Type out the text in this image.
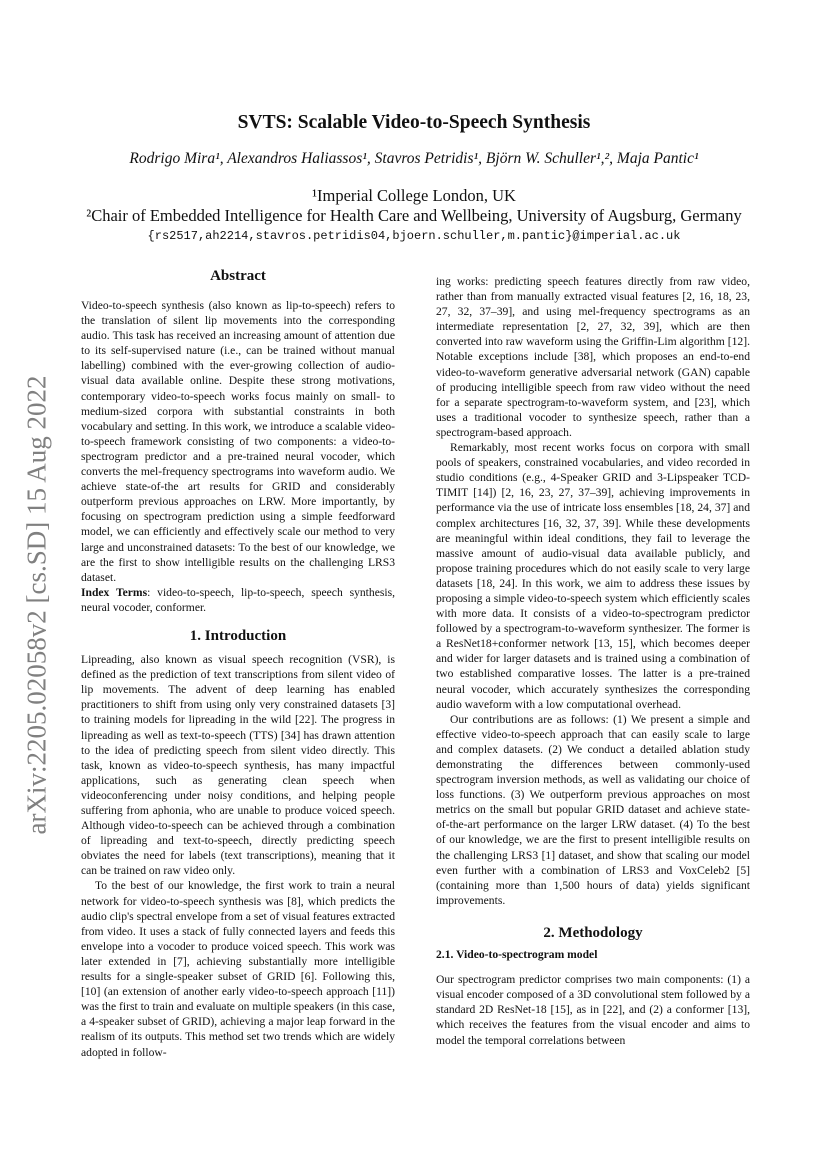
arXiv:2205.02058v2 [cs.SD] 15 Aug 2022
SVTS: Scalable Video-to-Speech Synthesis
Rodrigo Mira¹, Alexandros Haliassos¹, Stavros Petridis¹, Björn W. Schuller¹,², Maja Pantic¹
¹Imperial College London, UK
²Chair of Embedded Intelligence for Health Care and Wellbeing, University of Augsburg, Germany
{rs2517,ah2214,stavros.petridis04,bjoern.schuller,m.pantic}@imperial.ac.uk
Abstract

Video-to-speech synthesis (also known as lip-to-speech) refers to the translation of silent lip movements into the corresponding audio. This task has received an increasing amount of attention due to its self-supervised nature (i.e., can be trained without manual labelling) combined with the ever-growing collection of audio-visual data available online. Despite these strong motivations, contemporary video-to-speech works focus mainly on small- to medium-sized corpora with substantial constraints in both vocabulary and setting. In this work, we introduce a scalable video-to-speech framework consisting of two components: a video-to-spectrogram predictor and a pre-trained neural vocoder, which converts the mel-frequency spectrograms into waveform audio. We achieve state-of-the art results for GRID and considerably outperform previous approaches on LRW. More importantly, by focusing on spectrogram prediction using a simple feedforward model, we can efficiently and effectively scale our method to very large and unconstrained datasets: To the best of our knowledge, we are the first to show intelligible results on the challenging LRS3 dataset.

Index Terms: video-to-speech, lip-to-speech, speech synthesis, neural vocoder, conformer.

1. Introduction

Lipreading, also known as visual speech recognition (VSR), is defined as the prediction of text transcriptions from silent video of lip movements. The advent of deep learning has enabled practitioners to shift from using only very constrained datasets [3] to training models for lipreading in the wild [22]. The progress in lipreading as well as text-to-speech (TTS) [34] has drawn attention to the idea of predicting speech from silent video directly. This task, known as video-to-speech synthesis, has many impactful applications, such as generating clean speech when videoconferencing under noisy conditions, and helping people suffering from aphonia, who are unable to produce voiced speech. Although video-to-speech can be achieved through a combination of lipreading and text-to-speech, directly predicting speech obviates the need for labels (text transcriptions), meaning that it can be trained on raw video only.

To the best of our knowledge, the first work to train a neural network for video-to-speech synthesis was [8], which predicts the audio clip's spectral envelope from a set of visual features extracted from video. It uses a stack of fully connected layers and feeds this envelope into a vocoder to produce voiced speech. This work was later extended in [7], achieving substantially more intelligible results for a single-speaker subset of GRID [6]. Following this, [10] (an extension of another early video-to-speech approach [11]) was the first to train and evaluate on multiple speakers (in this case, a 4-speaker subset of GRID), achieving a major leap forward in the realism of its outputs. This method set two trends which are widely adopted in follow-

ing works: predicting speech features directly from raw video, rather than from manually extracted visual features [2, 16, 18, 23, 27, 32, 37–39], and using mel-frequency spectrograms as an intermediate representation [2, 27, 32, 39], which are then converted into raw waveform using the Griffin-Lim algorithm [12]. Notable exceptions include [38], which proposes an end-to-end video-to-waveform generative adversarial network (GAN) capable of producing intelligible speech from raw video without the need for a separate spectrogram-to-waveform system, and [23], which uses a traditional vocoder to synthesize speech, rather than a spectrogram-based approach.

Remarkably, most recent works focus on corpora with small pools of speakers, constrained vocabularies, and video recorded in studio conditions (e.g., 4-Speaker GRID and 3-Lipspeaker TCD-TIMIT [14]) [2, 16, 23, 27, 37–39], achieving improvements in performance via the use of intricate loss ensembles [18, 24, 37] and complex architectures [16, 32, 37, 39]. While these developments are meaningful within ideal conditions, they fail to leverage the massive amount of audio-visual data available publicly, and propose training procedures which do not easily scale to very large datasets [18, 24]. In this work, we aim to address these issues by proposing a simple video-to-speech system which efficiently scales with more data. It consists of a video-to-spectrogram predictor followed by a spectrogram-to-waveform synthesizer. The former is a ResNet18+conformer network [13, 15], which becomes deeper and wider for larger datasets and is trained using a combination of two established comparative losses. The latter is a pre-trained neural vocoder, which accurately synthesizes the corresponding audio waveform with a low computational overhead.

Our contributions are as follows: (1) We present a simple and effective video-to-speech approach that can easily scale to large and complex datasets. (2) We conduct a detailed ablation study demonstrating the differences between commonly-used spectrogram inversion methods, as well as validating our choice of loss functions. (3) We outperform previous approaches on most metrics on the small but popular GRID dataset and achieve state-of-the-art performance on the larger LRW dataset. (4) To the best of our knowledge, we are the first to present intelligible results on the challenging LRS3 [1] dataset, and show that scaling our model even further with a combination of LRS3 and VoxCeleb2 [5] (containing more than 1,500 hours of data) yields significant improvements.

2. Methodology
2.1. Video-to-spectrogram model

Our spectrogram predictor comprises two main components: (1) a visual encoder composed of a 3D convolutional stem followed by a standard 2D ResNet-18 [15], as in [22], and (2) a conformer [13], which receives the features from the visual encoder and aims to model the temporal correlations between
